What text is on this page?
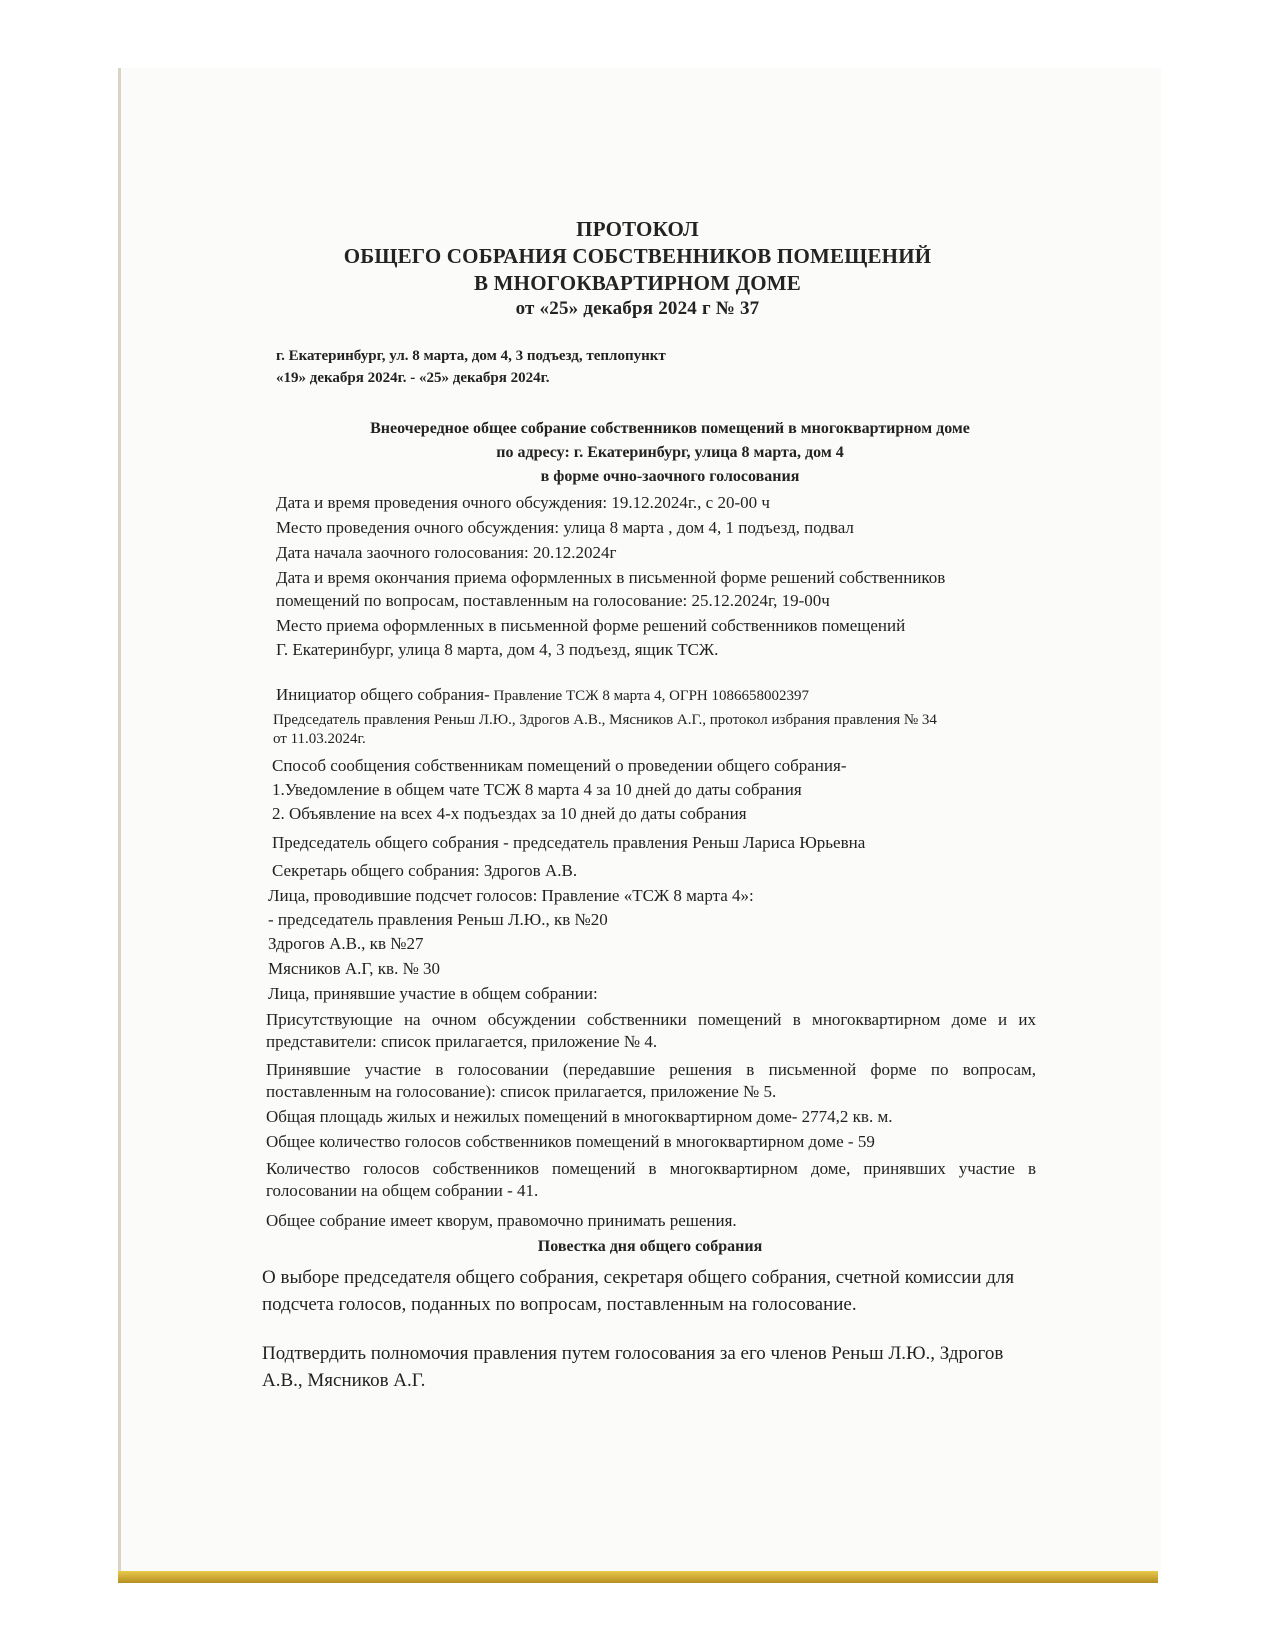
ПРОТОКОЛ
ОБЩЕГО СОБРАНИЯ СОБСТВЕННИКОВ ПОМЕЩЕНИЙ
В МНОГОКВАРТИРНОМ ДОМЕ
от «25» декабря 2024 г № 37
г. Екатеринбург, ул. 8 марта, дом 4, 3 подъезд, теплопункт
«19» декабря 2024г. - «25» декабря 2024г.
Внеочередное общее собрание собственников помещений в многоквартирном доме
по адресу: г. Екатеринбург, улица 8 марта, дом 4
в форме очно-заочного голосования
Дата и время проведения очного обсуждения: 19.12.2024г., с 20-00 ч
Место проведения очного обсуждения: улица 8 марта , дом 4, 1 подъезд, подвал
Дата начала заочного голосования: 20.12.2024г
Дата и время окончания приема оформленных в письменной форме решений собственников
помещений по вопросам, поставленным на голосование: 25.12.2024г, 19-00ч
Место приема оформленных в письменной форме решений собственников помещений
Г. Екатеринбург, улица 8 марта, дом 4, 3 подъезд, ящик ТСЖ.
Инициатор общего собрания- Правление ТСЖ 8 марта 4, ОГРН 1086658002397
Председатель правления Реньш Л.Ю., Здрогов А.В., Мясников А.Г., протокол избрания правления № 34
от 11.03.2024г.
Способ сообщения собственникам помещений о проведении общего собрания-
1.Уведомление в общем чате ТСЖ 8 марта 4 за 10 дней до даты собрания
2. Объявление на всех 4-х подъездах за 10 дней до даты собрания
Председатель общего собрания - председатель правления Реньш Лариса Юрьевна
Секретарь общего собрания: Здрогов А.В.
Лица, проводившие подсчет голосов: Правление «ТСЖ 8 марта 4»:
- председатель правления Реньш Л.Ю., кв №20
Здрогов А.В., кв №27
Мясников А.Г, кв. № 30
Лица, принявшие участие в общем собрании:
Присутствующие на очном обсуждении собственники помещений в многоквартирном доме и их представители: список прилагается, приложение № 4.
Принявшие участие в голосовании (передавшие решения в письменной форме по вопросам, поставленным на голосование): список прилагается, приложение № 5.
Общая площадь жилых и нежилых помещений в многоквартирном доме- 2774,2 кв. м.
Общее количество голосов собственников помещений в многоквартирном доме - 59
Количество голосов собственников помещений в многоквартирном доме, принявших участие в голосовании на общем собрании - 41.
Общее собрание имеет кворум, правомочно принимать решения.
Повестка дня общего собрания
О выборе председателя общего собрания, секретаря общего собрания, счетной комиссии для подсчета голосов, поданных по вопросам, поставленным на голосование.
Подтвердить полномочия правления путем голосования за его членов Реньш Л.Ю., Здрогов А.В., Мясников А.Г.
